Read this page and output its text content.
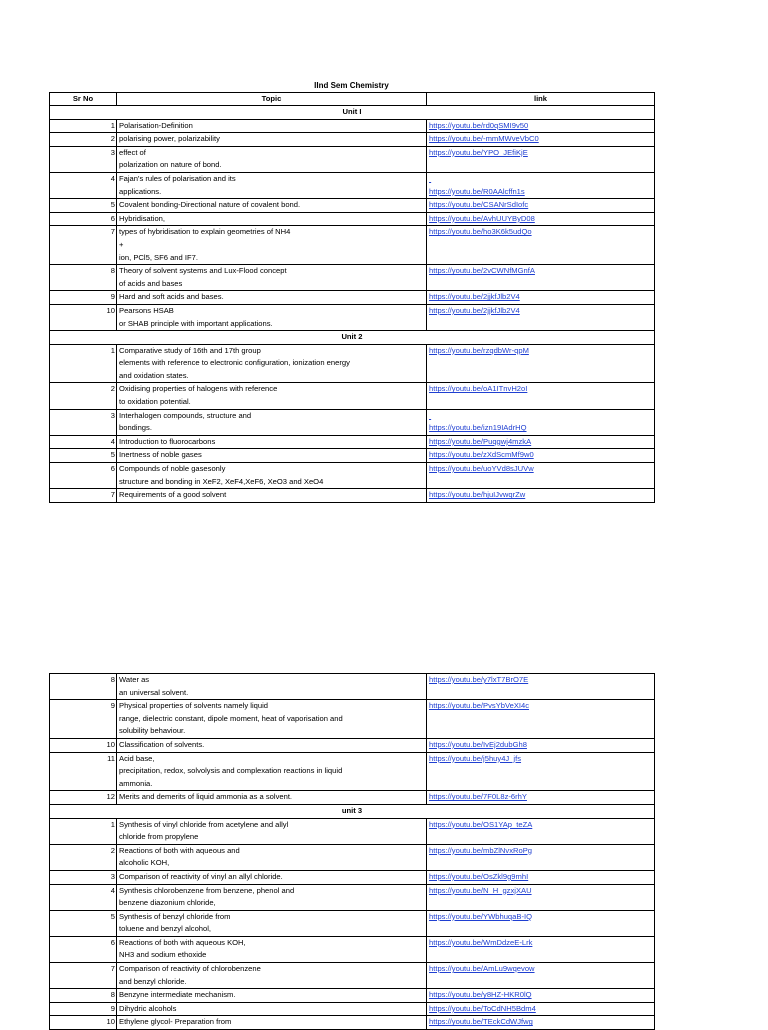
IInd Sem Chemistry
Sr No	Topic	link
Unit I		
1	Polarisation-Definition	https://youtu.be/rd0qSMI9v50

2	polarising power, polarizability	https://youtu.be/-mmMWveVbC0

3	effect of
polarization on nature of bond.	https://youtu.be/YPO_JEfiKjE

4	Fajan's rules of polarisation and its
applications.	https://youtu.be/R0AAlcffn1s

5	Covalent bonding-Directional nature of covalent bond.	https://youtu.be/CSANrSdIofc

6	Hybridisation,	https://youtu.be/AvhUUYByD08

7	types of hybridisation to explain geometries of NH4
+
ion, PCl5, SF6 and IF7.	https://youtu.be/ho3K6k5udQo

8	Theory of solvent systems and Lux-Flood concept
of acids and bases	https://youtu.be/2vCWNfMGnfA

9	Hard and soft acids and bases.	https://youtu.be/2jjkfJlb2V4

10	Pearsons HSAB
or SHAB principle with important applications.	https://youtu.be/2jjkfJlb2V4

Unit 2		
1	Comparative study of 16th and 17th group
elements with reference to electronic configuration, ionization energy
and oxidation states.	https://youtu.be/rzqdbWr-qpM

2	Oxidising properties of halogens with reference
to oxidation potential.	https://youtu.be/oA1ITnvH2oI

3	Interhalogen compounds, structure and
bondings.	https://youtu.be/izn19IAdrHQ

4	Introduction to fluorocarbons	https://youtu.be/Puqgwj4mzkA

5	Inertness of noble gases	https://youtu.be/zXdScmMf9w0

6	Compounds of noble gasesonly
structure and bonding in XeF2, XeF4,XeF6, XeO3 and XeO4	https://youtu.be/uoYVd8sJUVw

7	Requirements of a good solvent	https://youtu.be/hjuIJvwqrZw
8	Water as
an universal solvent.	https://youtu.be/y7lxT7BrO7E

9	Physical properties of solvents namely liquid
range, dielectric constant, dipole moment, heat of vaporisation and
solubility behaviour.	https://youtu.be/PvsYbVeXI4c

10	Classification of solvents.	https://youtu.be/IvEj2dubGh8

11	Acid base,
precipitation, redox, solvolysis and complexation reactions in liquid
ammonia.	https://youtu.be/j5huy4J_jfs

12	Merits and demerits of liquid ammonia as a solvent.	https://youtu.be/7F0L8z-6rhY

unit 3		
1	Synthesis of vinyl chloride from acetylene and allyl
chloride from propylene	https://youtu.be/OS1YAp_teZA

2	Reactions of both with aqueous and
alcoholic KOH,	https://youtu.be/mbZlNvxRoPg

3	Comparison of reactivity of vinyl an allyl chloride.	https://youtu.be/OsZkl9g9mhI

4	Synthesis chlorobenzene from benzene, phenol and
benzene diazonium chloride,	https://youtu.be/N_H_gzxjXAU

5	Synthesis of benzyl chloride from
toluene and benzyl alcohol,	https://youtu.be/YWbhuqaB-IQ

6	Reactions of both with aqueous KOH,
NH3 and sodium ethoxide	https://youtu.be/WmDdzeE-Lrk

7	Comparison of reactivity of chlorobenzene
and benzyl chloride.	https://youtu.be/AmLu9wqevow

8	Benzyne intermediate mechanism.	https://youtu.be/y8HZ-HKR0lQ

9	Dihydric alcohols	https://youtu.be/ToCdNH5Bdm4

10	Ethylene glycol- Preparation from	https://youtu.be/TEckCdWJfwg
